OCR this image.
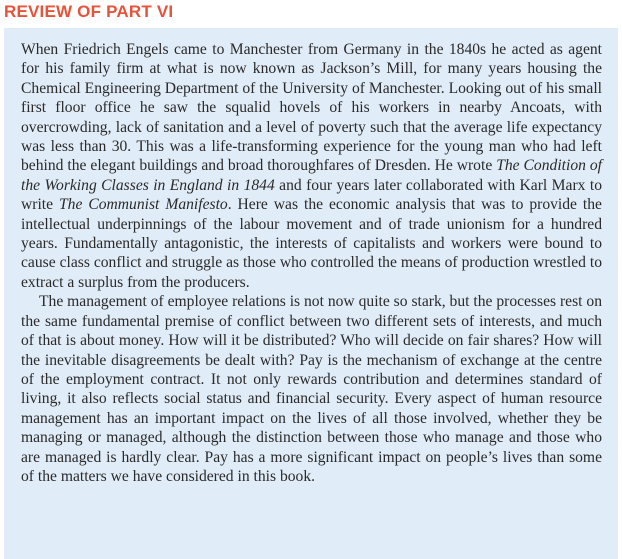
REVIEW OF PART VI

When Friedrich Engels came to Manchester from Germany in the 1840s he acted as agent for his family firm at what is now known as Jackson’s Mill, for many years housing the Chemical Engineering Department of the University of Manchester. Looking out of his small first floor office he saw the squalid hovels of his workers in nearby Ancoats, with overcrowding, lack of sanitation and a level of poverty such that the average life expectancy was less than 30. This was a life-transforming experience for the young man who had left behind the elegant buildings and broad thoroughfares of Dresden. He wrote The Condition of the Working Classes in England in 1844 and four years later collaborated with Karl Marx to write The Communist Manifesto. Here was the economic analysis that was to provide the intellectual underpinnings of the labour movement and of trade unionism for a hundred years. Fundamentally antagonistic, the interests of capitalists and workers were bound to cause class conflict and struggle as those who controlled the means of production wrestled to extract a surplus from the producers.

The management of employee relations is not now quite so stark, but the processes rest on the same fundamental premise of conflict between two different sets of interests, and much of that is about money. How will it be distributed? Who will decide on fair shares? How will the inevitable disagreements be dealt with? Pay is the mechanism of exchange at the centre of the employment contract. It not only rewards contribution and determines standard of living, it also reflects social status and financial security. Every aspect of human resource management has an important impact on the lives of all those involved, whether they be managing or managed, although the distinction between those who manage and those who are managed is hardly clear. Pay has a more significant impact on people’s lives than some of the matters we have considered in this book.
